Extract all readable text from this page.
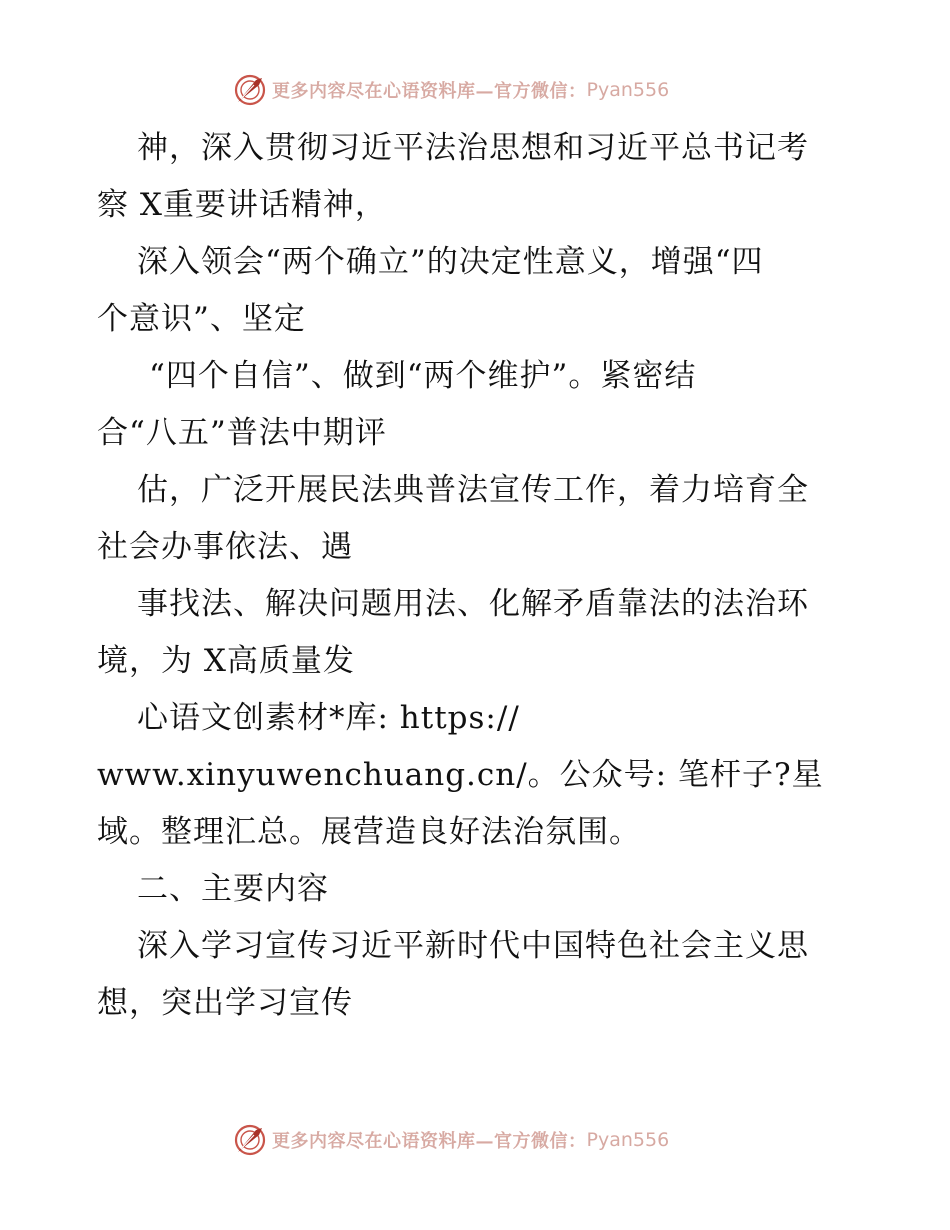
更多内容尽在心语资料库—官方微信： Pyan556
神，深入贯彻习近平法治思想和习近平总书记考
察 X重要讲话精神，
深入领会“两个确立”的决定性意义，增强“四
个意识”、坚定
“四个自信”、做到“两个维护”。紧密结
合“八五”普法中期评
估，广泛开展民法典普法宣传工作，着力培育全
社会办事依法、遇
事找法、解决问题用法、化解矛盾靠法的法治环
境，为 X高质量发
心语文创素材*库: https://
www.xinyuwenchuang.cn/。公众号: 笔杆子?星
域。整理汇总。展营造良好法治氛围。
二、主要内容
深入学习宣传习近平新时代中国特色社会主义思
想，突出学习宣传
更多内容尽在心语资料库—官方微信： Pyan556
